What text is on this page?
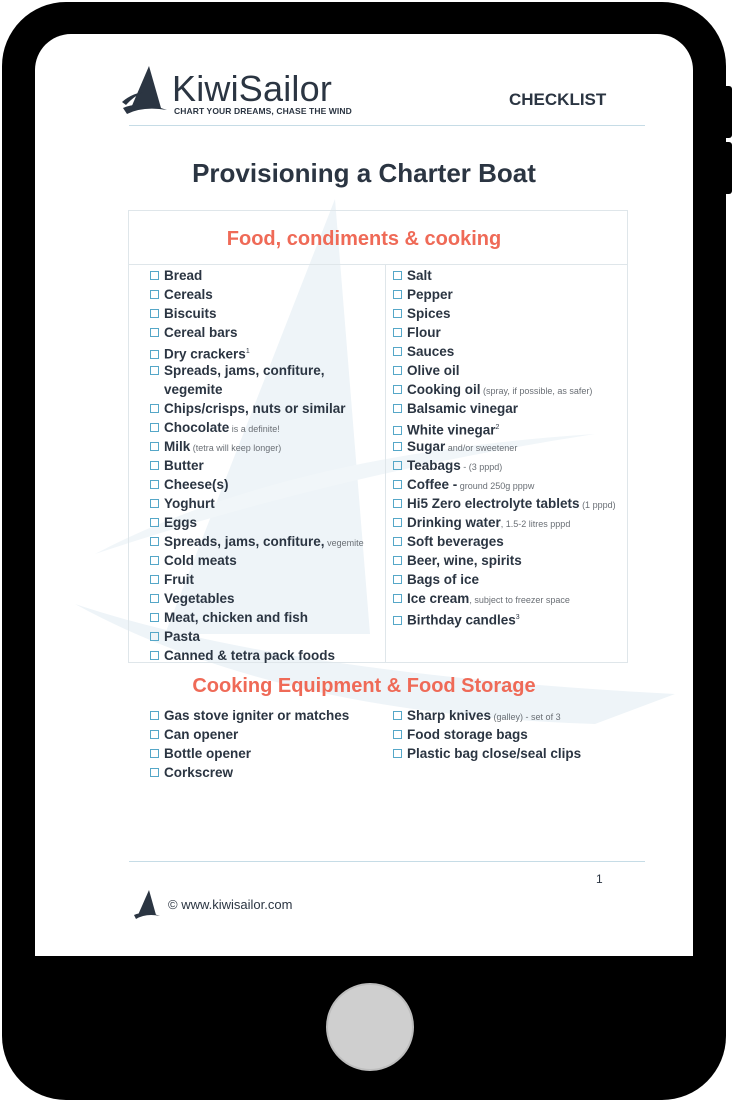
KiwiSailor
CHART YOUR DREAMS, CHASE THE WIND
CHECKLIST
Provisioning a Charter Boat
Food, condiments & cooking
Bread
Cereals
Biscuits
Cereal bars
Dry crackers$^1$
Spreads, jams, confiture,
vegemite
Chips/crisps, nuts or similar
Chocolate is a definite!
Milk (tetra will keep longer)
Butter
Cheese(s)
Yoghurt
Eggs
Spreads, jams, confiture, vegemite
Cold meats
Fruit
Vegetables
Meat, chicken and fish
Pasta
Canned & tetra pack foods
Salt
Pepper
Spices
Flour
Sauces
Olive oil
Cooking oil (spray, if possible, as safer)
Balsamic vinegar
White vinegar$^2$
Sugar and/or sweetener
Teabags - (3 pppd)
Coffee - ground 250g pppw
Hi5 Zero electrolyte tablets (1 pppd)
Drinking water, 1.5-2 litres pppd
Soft beverages
Beer, wine, spirits
Bags of ice
Ice cream, subject to freezer space
Birthday candles$^3$
Cooking Equipment & Food Storage
Gas stove igniter or matches
Can opener
Bottle opener
Corkscrew
Sharp knives (galley) - set of 3
Food storage bags
Plastic bag close/seal clips
1
© www.kiwisailor.com
